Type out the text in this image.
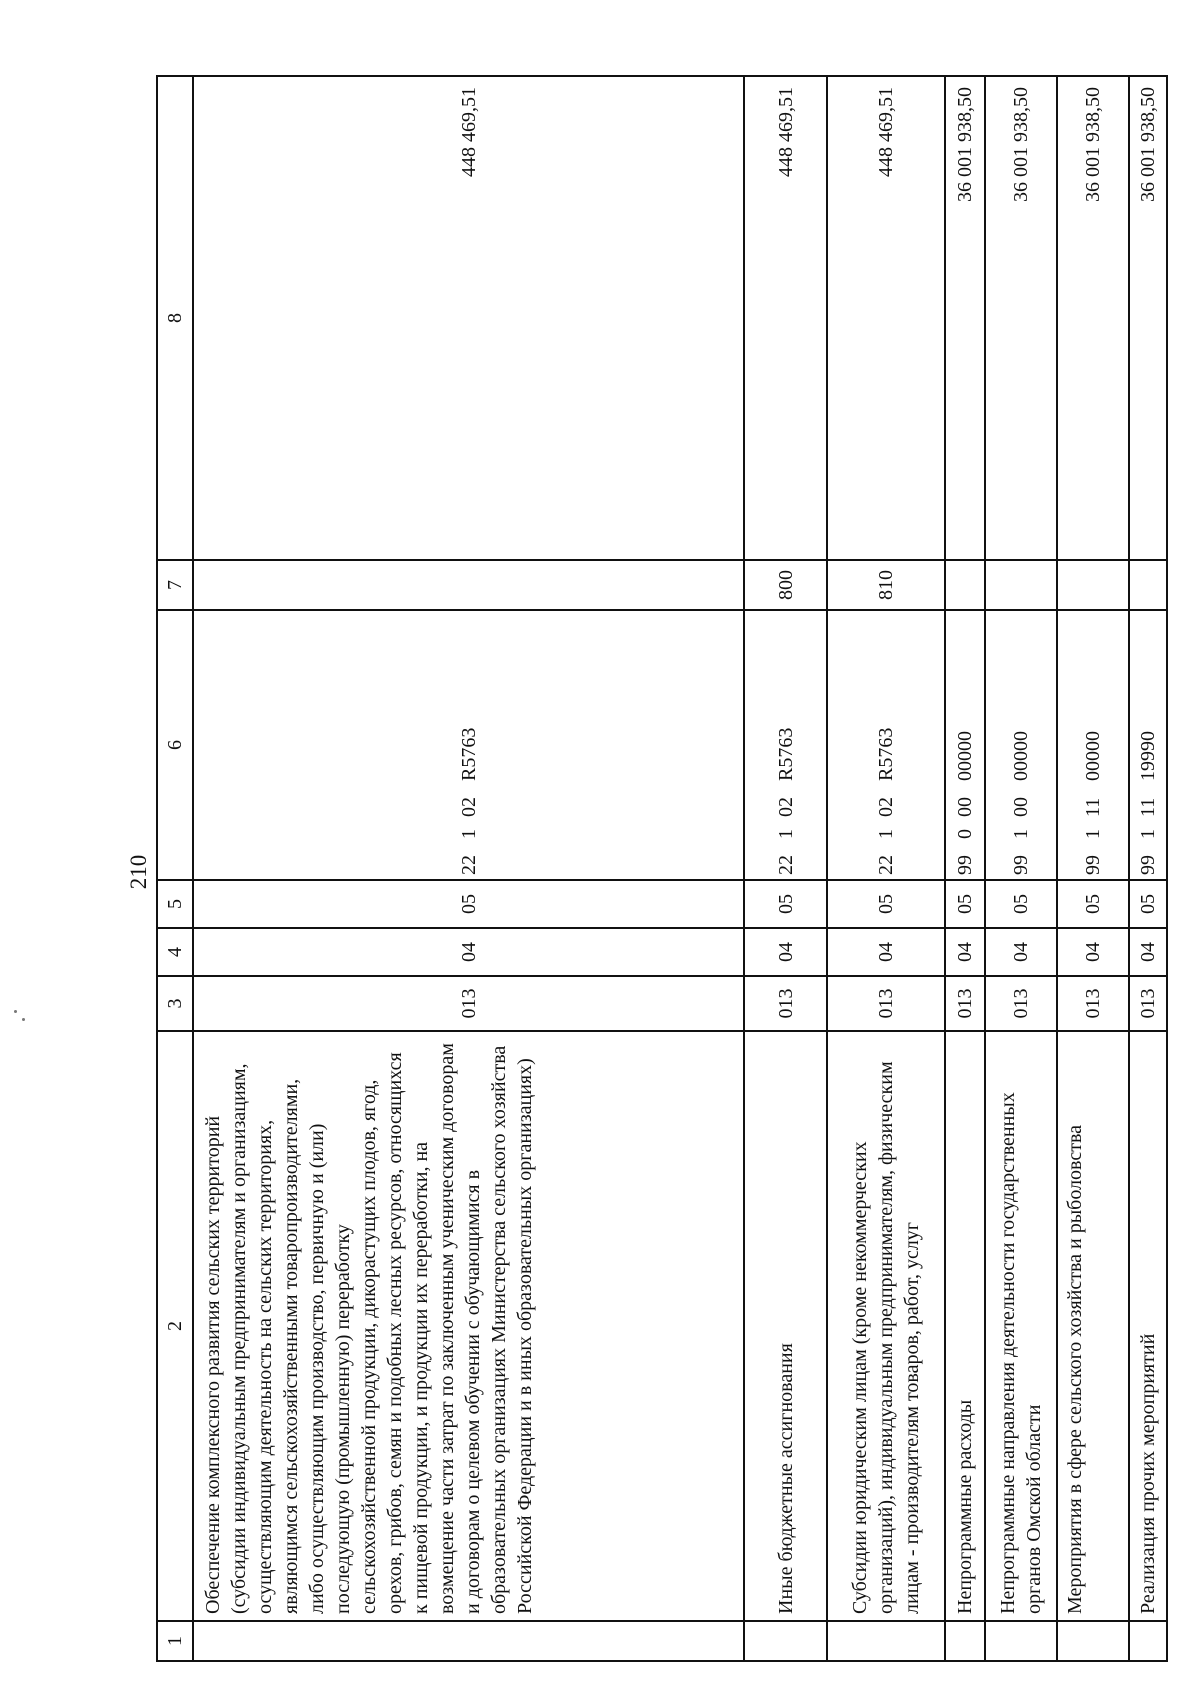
210
1	2	3	4	5	6	7	8
	Обеспечение комплексного развития сельских территорий (субсидии индивидуальным предпринимателям и организациям, осуществляющим деятельность на сельских территориях, являющимся сельскохозяйственными товаропроизводителями, либо осуществляющим производство, первичную и (или) последующую (промышленную) переработку сельскохозяйственной продукции, дикорастущих плодов, ягод, орехов, грибов, семян и подобных лесных ресурсов, относящихся к пищевой продукции, и продукции их переработки, на возмещение части затрат по заключенным ученическим договорам и договорам о целевом обучении с обучающимися в образовательных организациях Министерства сельского хозяйства Российской Федерации и в иных образовательных организациях)	013	04	05	22102R5763		448 469,51
	Иные бюджетные ассигнования	013	04	05	22102R5763	800	448 469,51
	Субсидии юридическим лицам (кроме некоммерческих организаций), индивидуальным предпринимателям, физическим лицам - производителям товаров, работ, услуг	013	04	05	22102R5763	810	448 469,51
	Непрограммные расходы	013	04	05	9900000000		36 001 938,50
	Непрограммные направления деятельности государственных органов Омской области	013	04	05	9910000000		36 001 938,50
	Мероприятия в сфере сельского хозяйства и рыболовства	013	04	05	9911100000		36 001 938,50
	Реализация прочих мероприятий	013	04	05	9911119990		36 001 938,50
